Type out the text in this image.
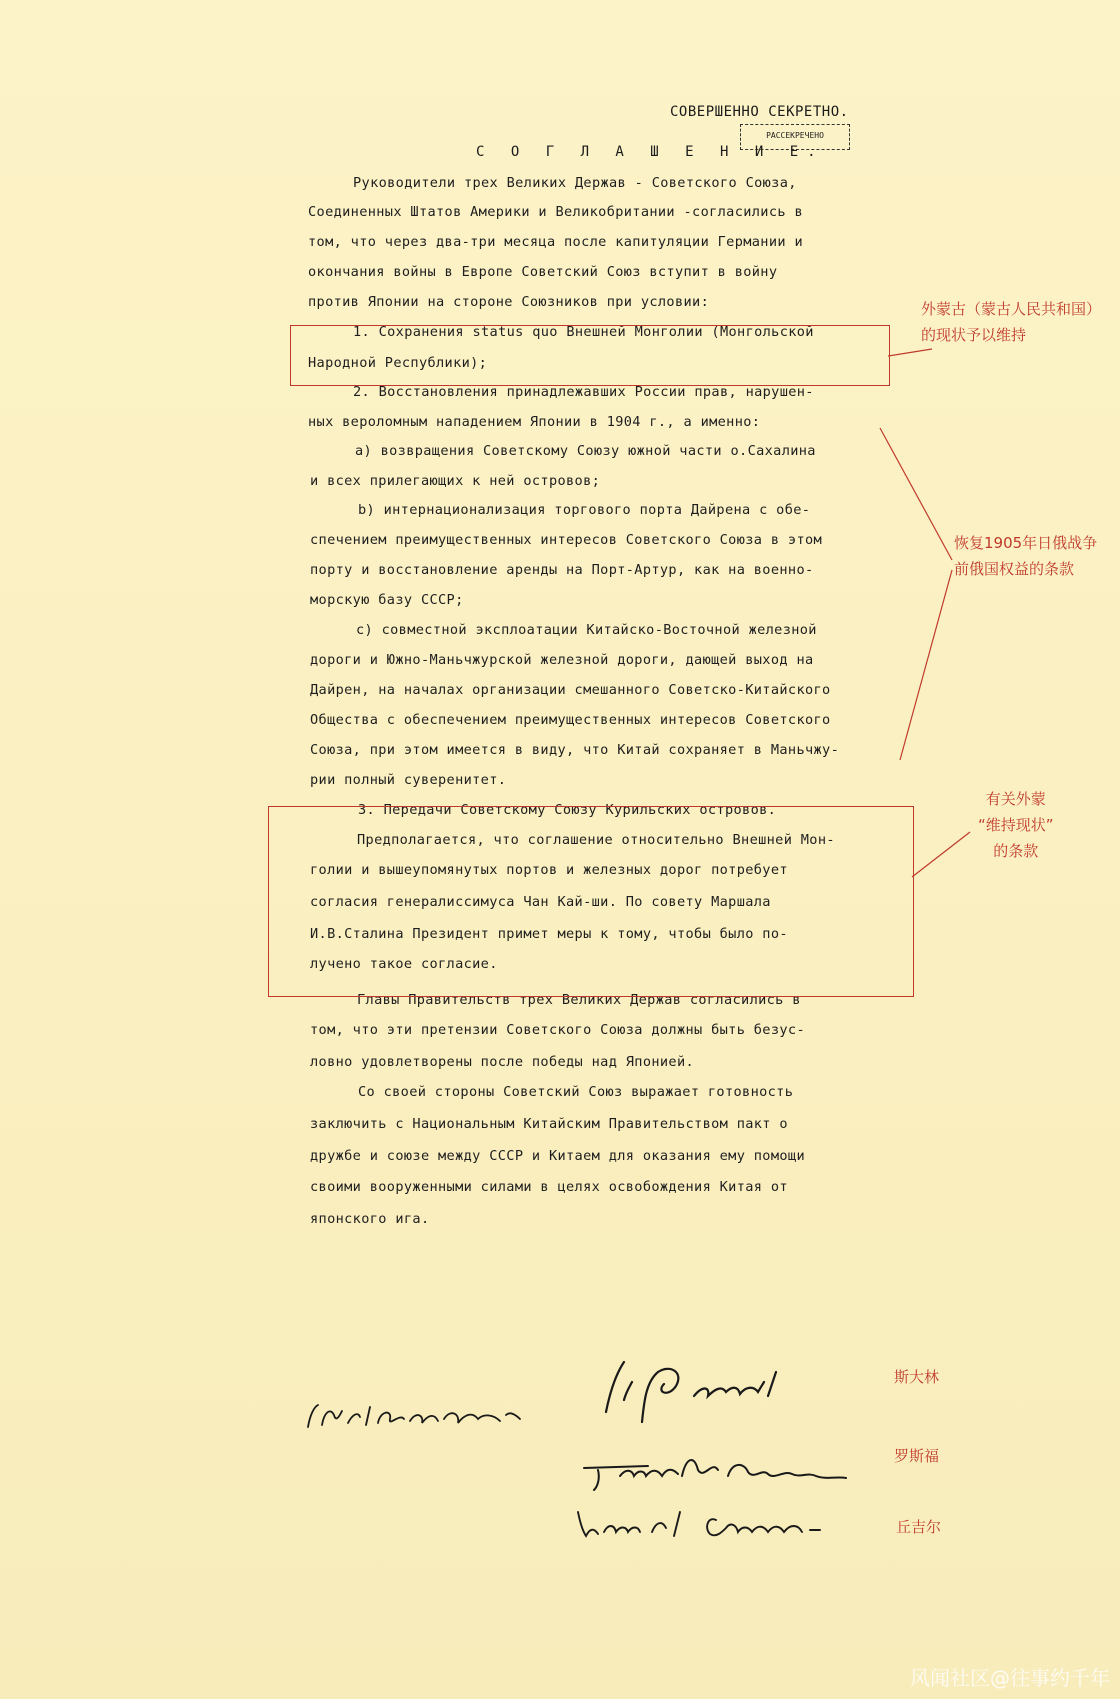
СОВЕРШЕННО СЕКРЕТНО.
РАССЕКРЕЧЕНО
С О Г Л А Ш Е Н И Е.
Руководители трех Великих Держав - Советского Союза,
Соединенных Штатов Америки и Великобритании -согласились в
том, что через два-три месяца после капитуляции Германии и
окончания войны в Европе Советский Союз вступит в войну
против Японии на стороне Союзников при условии:
1. Сохранения status quo Внешней Монголии (Монгольской
Народной Республики);
2. Восстановления принадлежавших России прав, нарушен-
ных вероломным нападением Японии в 1904 г., а именно:
a) возвращения Советскому Союзу южной части о.Сахалина
и всех прилегающих к ней островов;
b) интернационализация торгового порта Дайрена с обе-
спечением преимущественных интересов Советского Союза в этом
порту и восстановление аренды на Порт-Артур, как на военно-
морскую базу СССР;
c) совместной эксплоатации Китайско-Восточной железной
дороги и Южно-Маньчжурской железной дороги, дающей выход на
Дайрен, на началах организации смешанного Советско-Китайского
Общества с обеспечением преимущественных интересов Советского
Союза, при этом имеется в виду, что Китай сохраняет в Маньчжу-
рии полный суверенитет.
3. Передачи Советскому Союзу Курильских островов.
Предполагается, что соглашение относительно Внешней Мон-
голии и вышеупомянутых портов и железных дорог потребует
согласия генералиссимуса Чан Кай-ши. По совету Маршала
И.В.Сталина Президент примет меры к тому, чтобы было по-
лучено такое согласие.
Главы Правительств трех Великих Держав согласились в
том, что эти претензии Советского Союза должны быть безус-
ловно удовлетворены после победы над Японией.
Со своей стороны Советский Союз выражает готовность
заключить с Национальным Китайским Правительством пакт о
дружбе и союзе между СССР и Китаем для оказания ему помощи
своими вооруженными силами в целях освобождения Китая от
японского ига.
外蒙古（蒙古人民共和国）
的现状予以维持
恢复1905年日俄战争
前俄国权益的条款
有关外蒙
“维持现状”
的条款
斯大林
罗斯福
丘吉尔
风闻社区@往事约千年
